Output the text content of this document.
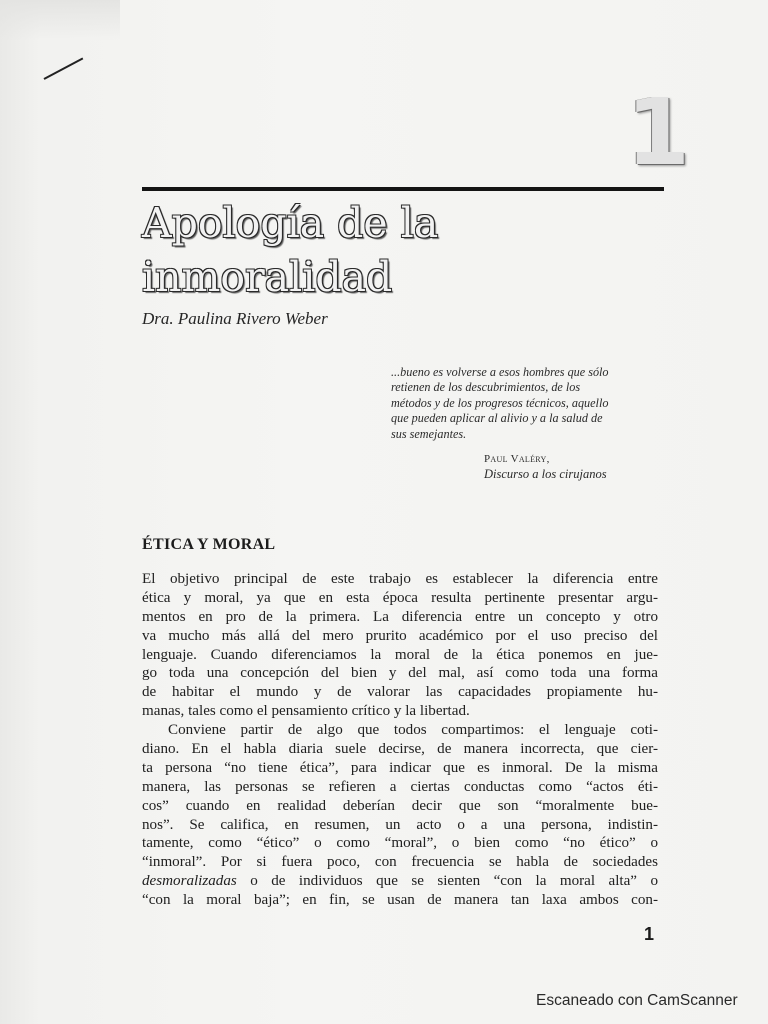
1
Apología de la
inmoralidad
Dra. Paulina Rivero Weber
...bueno es volverse a esos hombres que sólo
retienen de los descubrimientos, de los
métodos y de los progresos técnicos, aquello
que pueden aplicar al alivio y a la salud de
sus semejantes.
Paul Valéry,
Discurso a los cirujanos
ÉTICA Y MORAL
El objetivo principal de este trabajo es establecer la diferencia entre
ética y moral, ya que en esta época resulta pertinente presentar argu-
mentos en pro de la primera. La diferencia entre un concepto y otro
va mucho más allá del mero prurito académico por el uso preciso del
lenguaje. Cuando diferenciamos la moral de la ética ponemos en jue-
go toda una concepción del bien y del mal, así como toda una forma
de habitar el mundo y de valorar las capacidades propiamente hu-
manas, tales como el pensamiento crítico y la libertad.
Conviene partir de algo que todos compartimos: el lenguaje coti-
diano. En el habla diaria suele decirse, de manera incorrecta, que cier-
ta persona “no tiene ética”, para indicar que es inmoral. De la misma
manera, las personas se refieren a ciertas conductas como “actos éti-
cos” cuando en realidad deberían decir que son “moralmente bue-
nos”. Se califica, en resumen, un acto o a una persona, indistin-
tamente, como “ético” o como “moral”, o bien como “no ético” o
“inmoral”. Por si fuera poco, con frecuencia se habla de sociedades
desmoralizadas o de individuos que se sienten “con la moral alta” o
“con la moral baja”; en fin, se usan de manera tan laxa ambos con-
1
Escaneado con CamScanner
